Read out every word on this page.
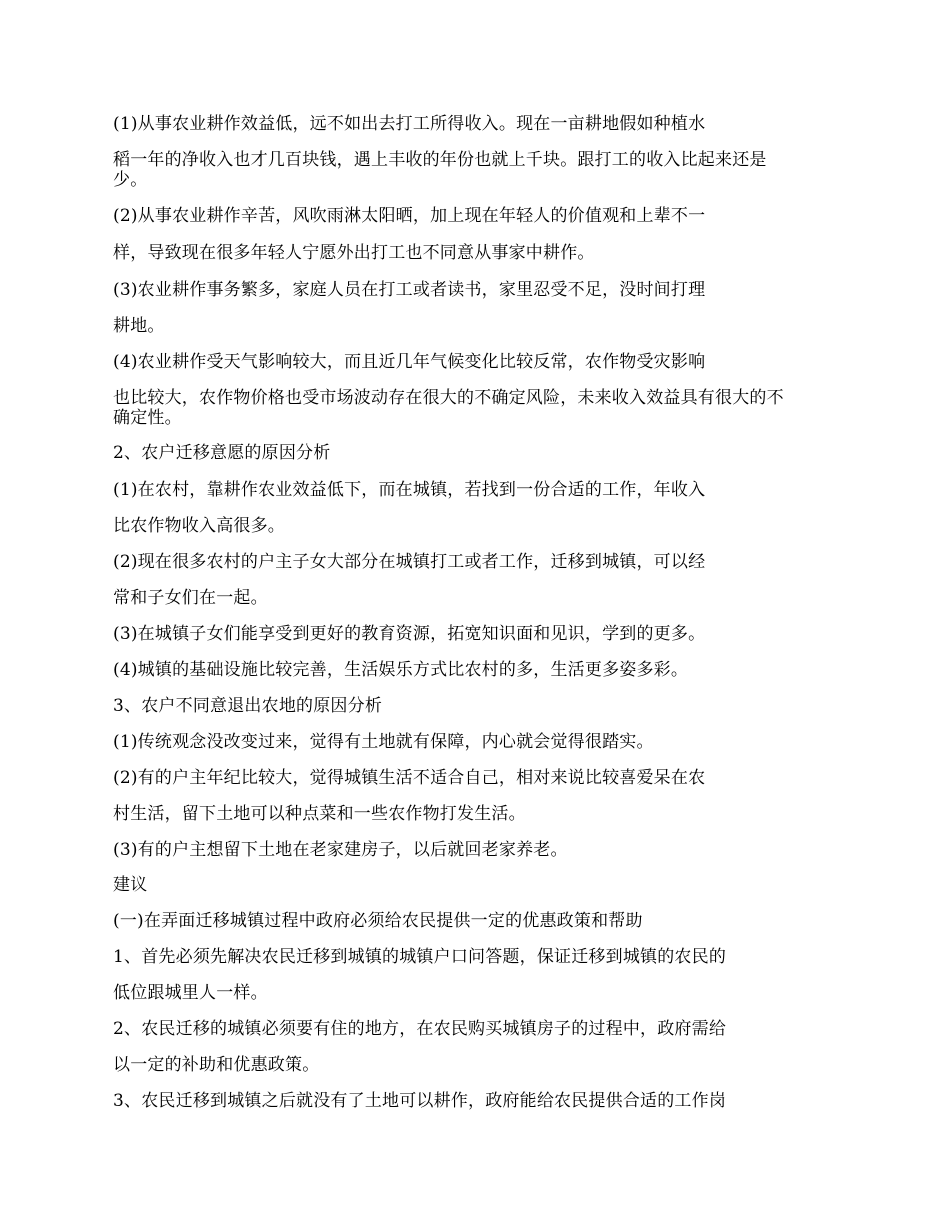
(1)从事农业耕作效益低，远不如出去打工所得收入。现在一亩耕地假如种植水
稻一年的净收入也才几百块钱，遇上丰收的年份也就上千块。跟打工的收入比起来还是
少。
(2)从事农业耕作辛苦，风吹雨淋太阳晒，加上现在年轻人的价值观和上辈不一
样，导致现在很多年轻人宁愿外出打工也不同意从事家中耕作。
(3)农业耕作事务繁多，家庭人员在打工或者读书，家里忍受不足，没时间打理
耕地。
(4)农业耕作受天气影响较大，而且近几年气候变化比较反常，农作物受灾影响
也比较大，农作物价格也受市场波动存在很大的不确定风险，未来收入效益具有很大的不
确定性。
2、农户迁移意愿的原因分析
(1)在农村，靠耕作农业效益低下，而在城镇，若找到一份合适的工作，年收入
比农作物收入高很多。
(2)现在很多农村的户主子女大部分在城镇打工或者工作，迁移到城镇，可以经
常和子女们在一起。
(3)在城镇子女们能享受到更好的教育资源，拓宽知识面和见识，学到的更多。
(4)城镇的基础设施比较完善，生活娱乐方式比农村的多，生活更多姿多彩。
3、农户不同意退出农地的原因分析
(1)传统观念没改变过来，觉得有土地就有保障，内心就会觉得很踏实。
(2)有的户主年纪比较大，觉得城镇生活不适合自己，相对来说比较喜爱呆在农
村生活，留下土地可以种点菜和一些农作物打发生活。
(3)有的户主想留下土地在老家建房子，以后就回老家养老。
建议
(一)在弄面迁移城镇过程中政府必须给农民提供一定的优惠政策和帮助
1、首先必须先解决农民迁移到城镇的城镇户口问答题，保证迁移到城镇的农民的
低位跟城里人一样。
2、农民迁移的城镇必须要有住的地方，在农民购买城镇房子的过程中，政府需给
以一定的补助和优惠政策。
3、农民迁移到城镇之后就没有了土地可以耕作，政府能给农民提供合适的工作岗
